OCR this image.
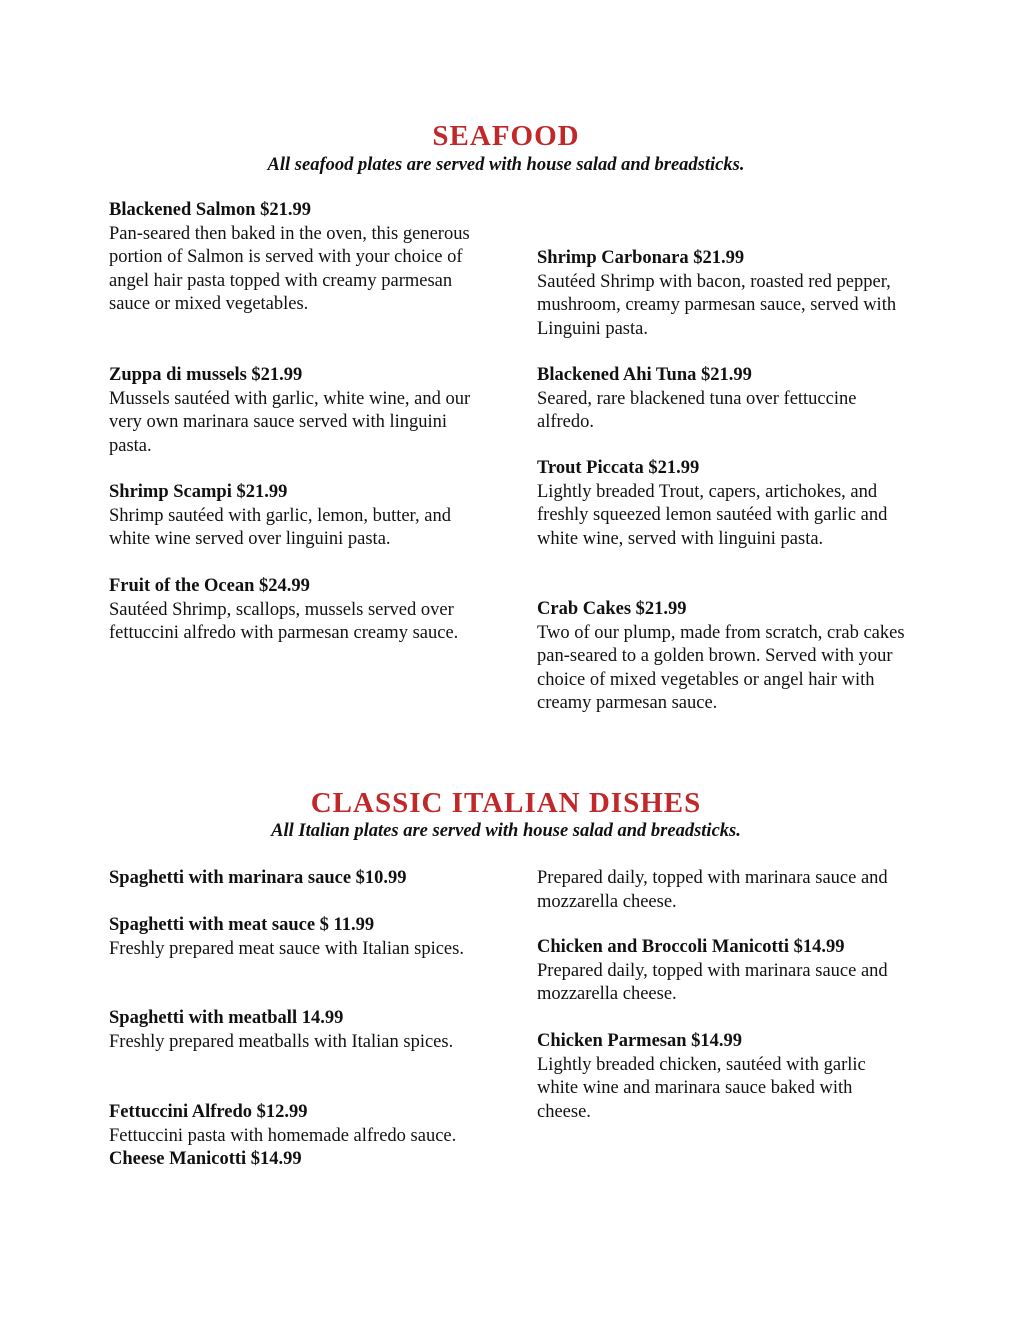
SEAFOOD
All seafood plates are served with house salad and breadsticks.
Blackened Salmon $21.99
Pan-seared then baked in the oven, this generous portion of Salmon is served with your choice of angel hair pasta topped with creamy parmesan sauce or mixed vegetables.
Zuppa di mussels $21.99
Mussels sautéed with garlic, white wine, and our very own marinara sauce served with linguini pasta.
Shrimp Scampi $21.99
Shrimp sautéed with garlic, lemon, butter, and white wine served over linguini pasta.
Fruit of the Ocean $24.99
Sautéed Shrimp, scallops, mussels served over fettuccini alfredo with parmesan creamy sauce.
Shrimp Carbonara $21.99
Sautéed Shrimp with bacon, roasted red pepper, mushroom, creamy parmesan sauce, served with Linguini pasta.
Blackened Ahi Tuna $21.99
Seared, rare blackened tuna over fettuccine alfredo.
Trout Piccata $21.99
Lightly breaded Trout, capers, artichokes, and freshly squeezed lemon sautéed with garlic and white wine, served with linguini pasta.
Crab Cakes $21.99
Two of our plump, made from scratch, crab cakes pan-seared to a golden brown. Served with your choice of mixed vegetables or angel hair with creamy parmesan sauce.
CLASSIC ITALIAN DISHES
All Italian plates are served with house salad and breadsticks.
Spaghetti with marinara sauce $10.99
Spaghetti with meat sauce $ 11.99
Freshly prepared meat sauce with Italian spices.
Spaghetti with meatball 14.99
Freshly prepared meatballs with Italian spices.
Fettuccini Alfredo $12.99
Fettuccini pasta with homemade alfredo sauce.
Cheese Manicotti $14.99
Prepared daily, topped with marinara sauce and mozzarella cheese.
Chicken and Broccoli Manicotti $14.99
Prepared daily, topped with marinara sauce and mozzarella cheese.
Chicken Parmesan $14.99
Lightly breaded chicken, sautéed with garlic white wine and marinara sauce baked with cheese.
